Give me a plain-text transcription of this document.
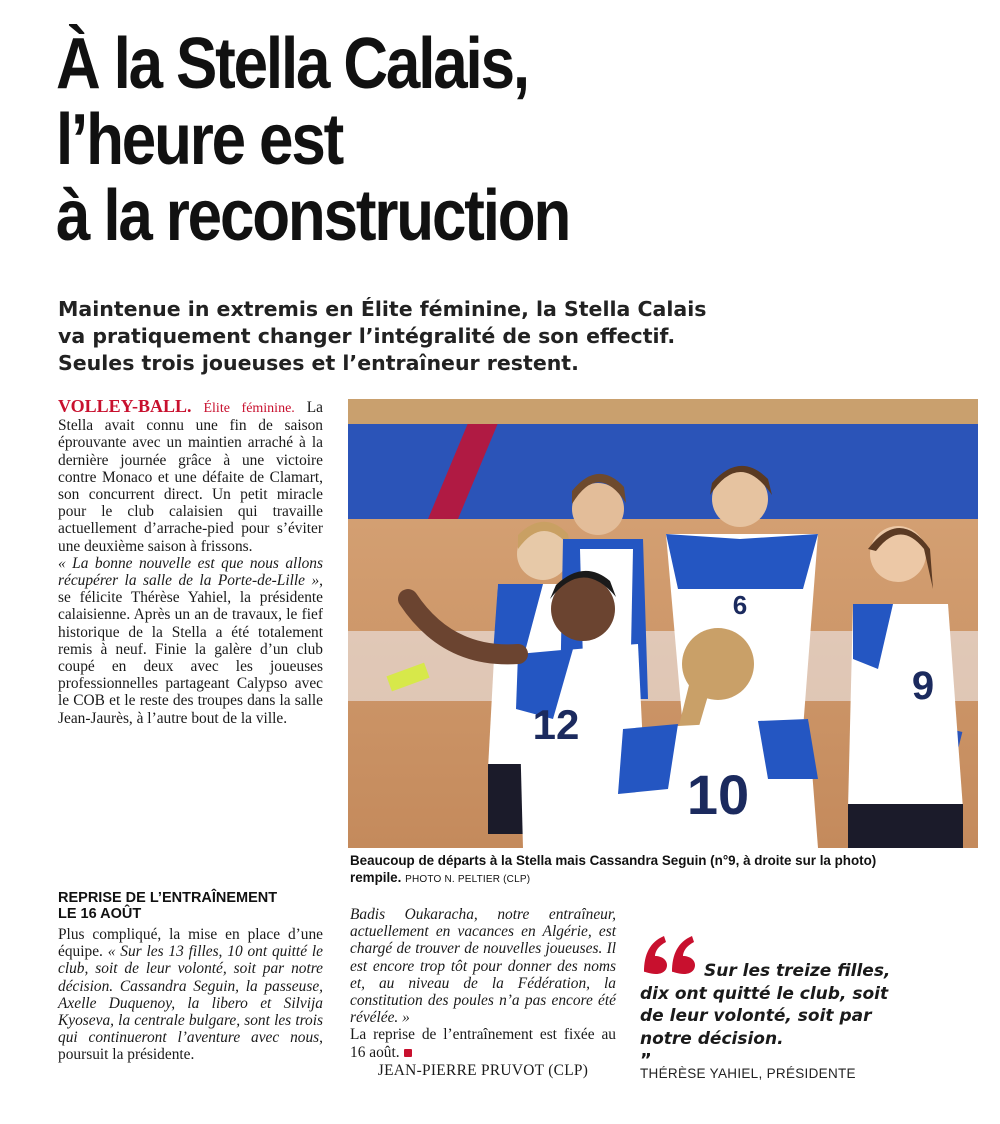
À la Stella Calais,
l’heure est
à la reconstruction

Maintenue in extremis en Élite féminine, la Stella Calais
va pratiquement changer l’intégralité de son effectif.
Seules trois joueuses et l’entraîneur restent.

VOLLEY-BALL. Élite féminine. La Stella avait connu une fin de saison éprouvante avec un maintien arraché à la dernière journée grâce à une victoire contre Monaco et une défaite de Clamart, son concurrent direct. Un petit miracle pour le club calaisien qui travaille actuellement d’arrache-pied pour s’éviter une deuxième saison à frissons.

« La bonne nouvelle est que nous allons récupérer la salle de la Porte-de-Lille », se félicite Thérèse Yahiel, la présidente calaisienne. Après un an de travaux, le fief historique de la Stella a été totalement remis à neuf. Finie la galère d’un club coupé en deux avec les joueuses professionnelles partageant Calypso avec le COB et le reste des troupes dans la salle Jean-Jaurès, à l’autre bout de la ville.

REPRISE DE L’ENTRAÎNEMENT
LE 16 AOÛT

Plus compliqué, la mise en place d’une équipe. « Sur les 13 filles, 10 ont quitté le club, soit de leur volonté, soit par notre décision. Cassandra Seguin, la passeuse, Axelle Duquenoy, la libero et Silvija Kyoseva, la centrale bulgare, sont les trois qui continueront l’aventure avec nous, poursuit la présidente.

Badis Oukaracha, notre entraîneur, actuellement en vacances en Algérie, est chargé de trouver de nouvelles joueuses. Il est encore trop tôt pour donner des noms et, au niveau de la Fédération, la constitution des poules n’a pas encore été révélée. »

La reprise de l’entraînement est fixée au 16 août.

JEAN-PIERRE PRUVOT (CLP)

6
9
12
10

Beaucoup de départs à la Stella mais Cassandra Seguin (n°9, à droite sur la photo)
rempile. PHOTO N. PELTIER (CLP)

Sur les treize filles,
dix ont quitté le club, soit
de leur volonté, soit par
notre décision.
”

THÉRÈSE YAHIEL, PRÉSIDENTE
